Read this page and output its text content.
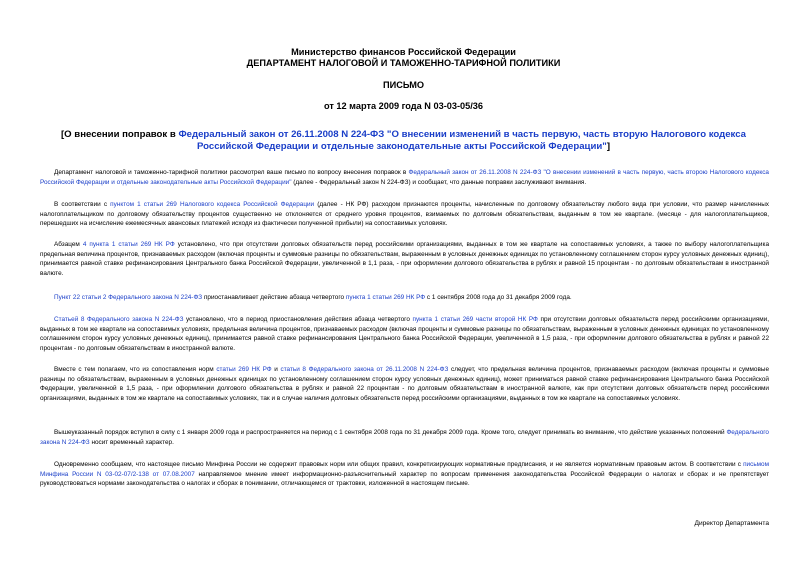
Министерство финансов Российской Федерации
ДЕПАРТАМЕНТ НАЛОГОВОЙ И ТАМОЖЕННО-ТАРИФНОЙ ПОЛИТИКИ
ПИСЬМО
от 12 марта 2009 года N 03-03-05/36
[О внесении поправок в Федеральный закон от 26.11.2008 N 224-ФЗ "О внесении изменений в часть первую, часть вторую Налогового кодекса Российской Федерации и отдельные законодательные акты Российской Федерации"]
Департамент налоговой и таможенно-тарифной политики рассмотрел ваше письмо по вопросу внесения поправок в Федеральный закон от 26.11.2008 N 224-ФЗ "О внесении изменений в часть первую, часть второю Налогового кодекса Российской Федерации и отдельные законодательные акты Российской Федерации" (далее - Федеральный закон N 224-ФЗ) и сообщает, что данные поправки заслуживают внимания.
В соответствии с пунктом 1 статьи 269 Налогового кодекса Российской Федерации (далее - НК РФ) расходом признаются проценты, начисленные по долговому обязательству любого вида при условии, что размер начисленных налогоплательщиком по долговому обязательству процентов существенно не отклоняется от среднего уровня процентов, взимаемых по долговым обязательствам, выданным в том же квартале. (месяце - для налогоплательщиков, перешедших на исчисление ежемесячных авансовых платежей исходя из фактически полученной прибыли) на сопоставимых условиях.
Абзацем 4 пункта 1 статьи 269 НК РФ установлено, что при отсутствии долговых обязательств перед российскими организациями, выданных в том же квартале на сопоставимых условиях, а также по выбору налогоплательщика предельная величина процентов, признаваемых расходом (включая проценты и суммовые разницы по обязательствам, выраженным в условных денежных единицах по установленному соглашением сторон курсу условных денежных единиц), принимается равной ставке рефинансирования Центрального банка Российской Федерации, увеличенной в 1,1 раза, - при оформлении долгового обязательства в рублях и равной 15 процентам - по долговым обязательствам в иностранной валюте.
Пункт 22 статьи 2 Федерального закона N 224-ФЗ приостанавливает действие абзаца четвертого пункта 1 статьи 269 НК РФ с 1 сентября 2008 года до 31 декабря 2009 года.
Статьей 8 Федерального закона N 224-ФЗ установлено, что в период приостановления действия абзаца четвертого пункта 1 статьи 269 части второй НК РФ при отсутствии долговых обязательств перед российскими организациями, выданных в том же квартале на сопоставимых условиях, предельная величина процентов, признаваемых расходом (включая проценты и суммовые разницы по обязательствам, выраженным в условных денежных единицах по установленному соглашением сторон курсу условных денежных единиц), принимается равной ставке рефинансирования Центрального банка Российской Федерации, увеличенной в 1,5 раза, - при оформлении долгового обязательства в рублях и равной 22 процентам - по долговым обязательствам в иностранной валюте.
Вместе с тем полагаем, что из сопоставления норм статьи 269 НК РФ и статьи 8 Федерального закона от 26.11.2008 N 224-ФЗ следует, что предельная величина процентов, признаваемых расходом (включая проценты и суммовые разницы по обязательствам, выраженным в условных денежных единицах по установленному соглашением сторон курсу условных денежных единиц), может приниматься равной ставке рефинансирования Центрального банка Российской Федерации, увеличенной в 1,5 раза, - при оформлении долгового обязательства в рублях и равной 22 процентам - по долговым обязательствам в иностранной валюте, как при отсутствии долговых обязательств перед российскими организациями, выданных в том же квартале на сопоставимых условиях, так и в случае наличия долговых обязательств перед российскими организациями, выданных в том же квартале на сопоставимых условиях.
Вышеуказанный порядок вступил в силу с 1 января 2009 года и распространяется на период с 1 сентября 2008 года по 31 декабря 2009 года. Кроме того, следует принимать во внимание, что действие указанных положений Федерального закона N 224-ФЗ носит временный характер.
Одновременно сообщаем, что настоящее письмо Минфина России не содержит правовых норм или общих правил, конкретизирующих нормативные предписания, и не является нормативным правовым актом. В соответствии с письмом Минфина России N 03-02-07/2-138 от 07.08.2007 направляемое мнение имеет информационно-разъяснительный характер по вопросам применения законодательства Российской Федерации о налогах и сборах и не препятствует руководствоваться нормами законодательства о налогах и сборах в понимании, отличающемся от трактовки, изложенной в настоящем письме.
Директор Департамента
